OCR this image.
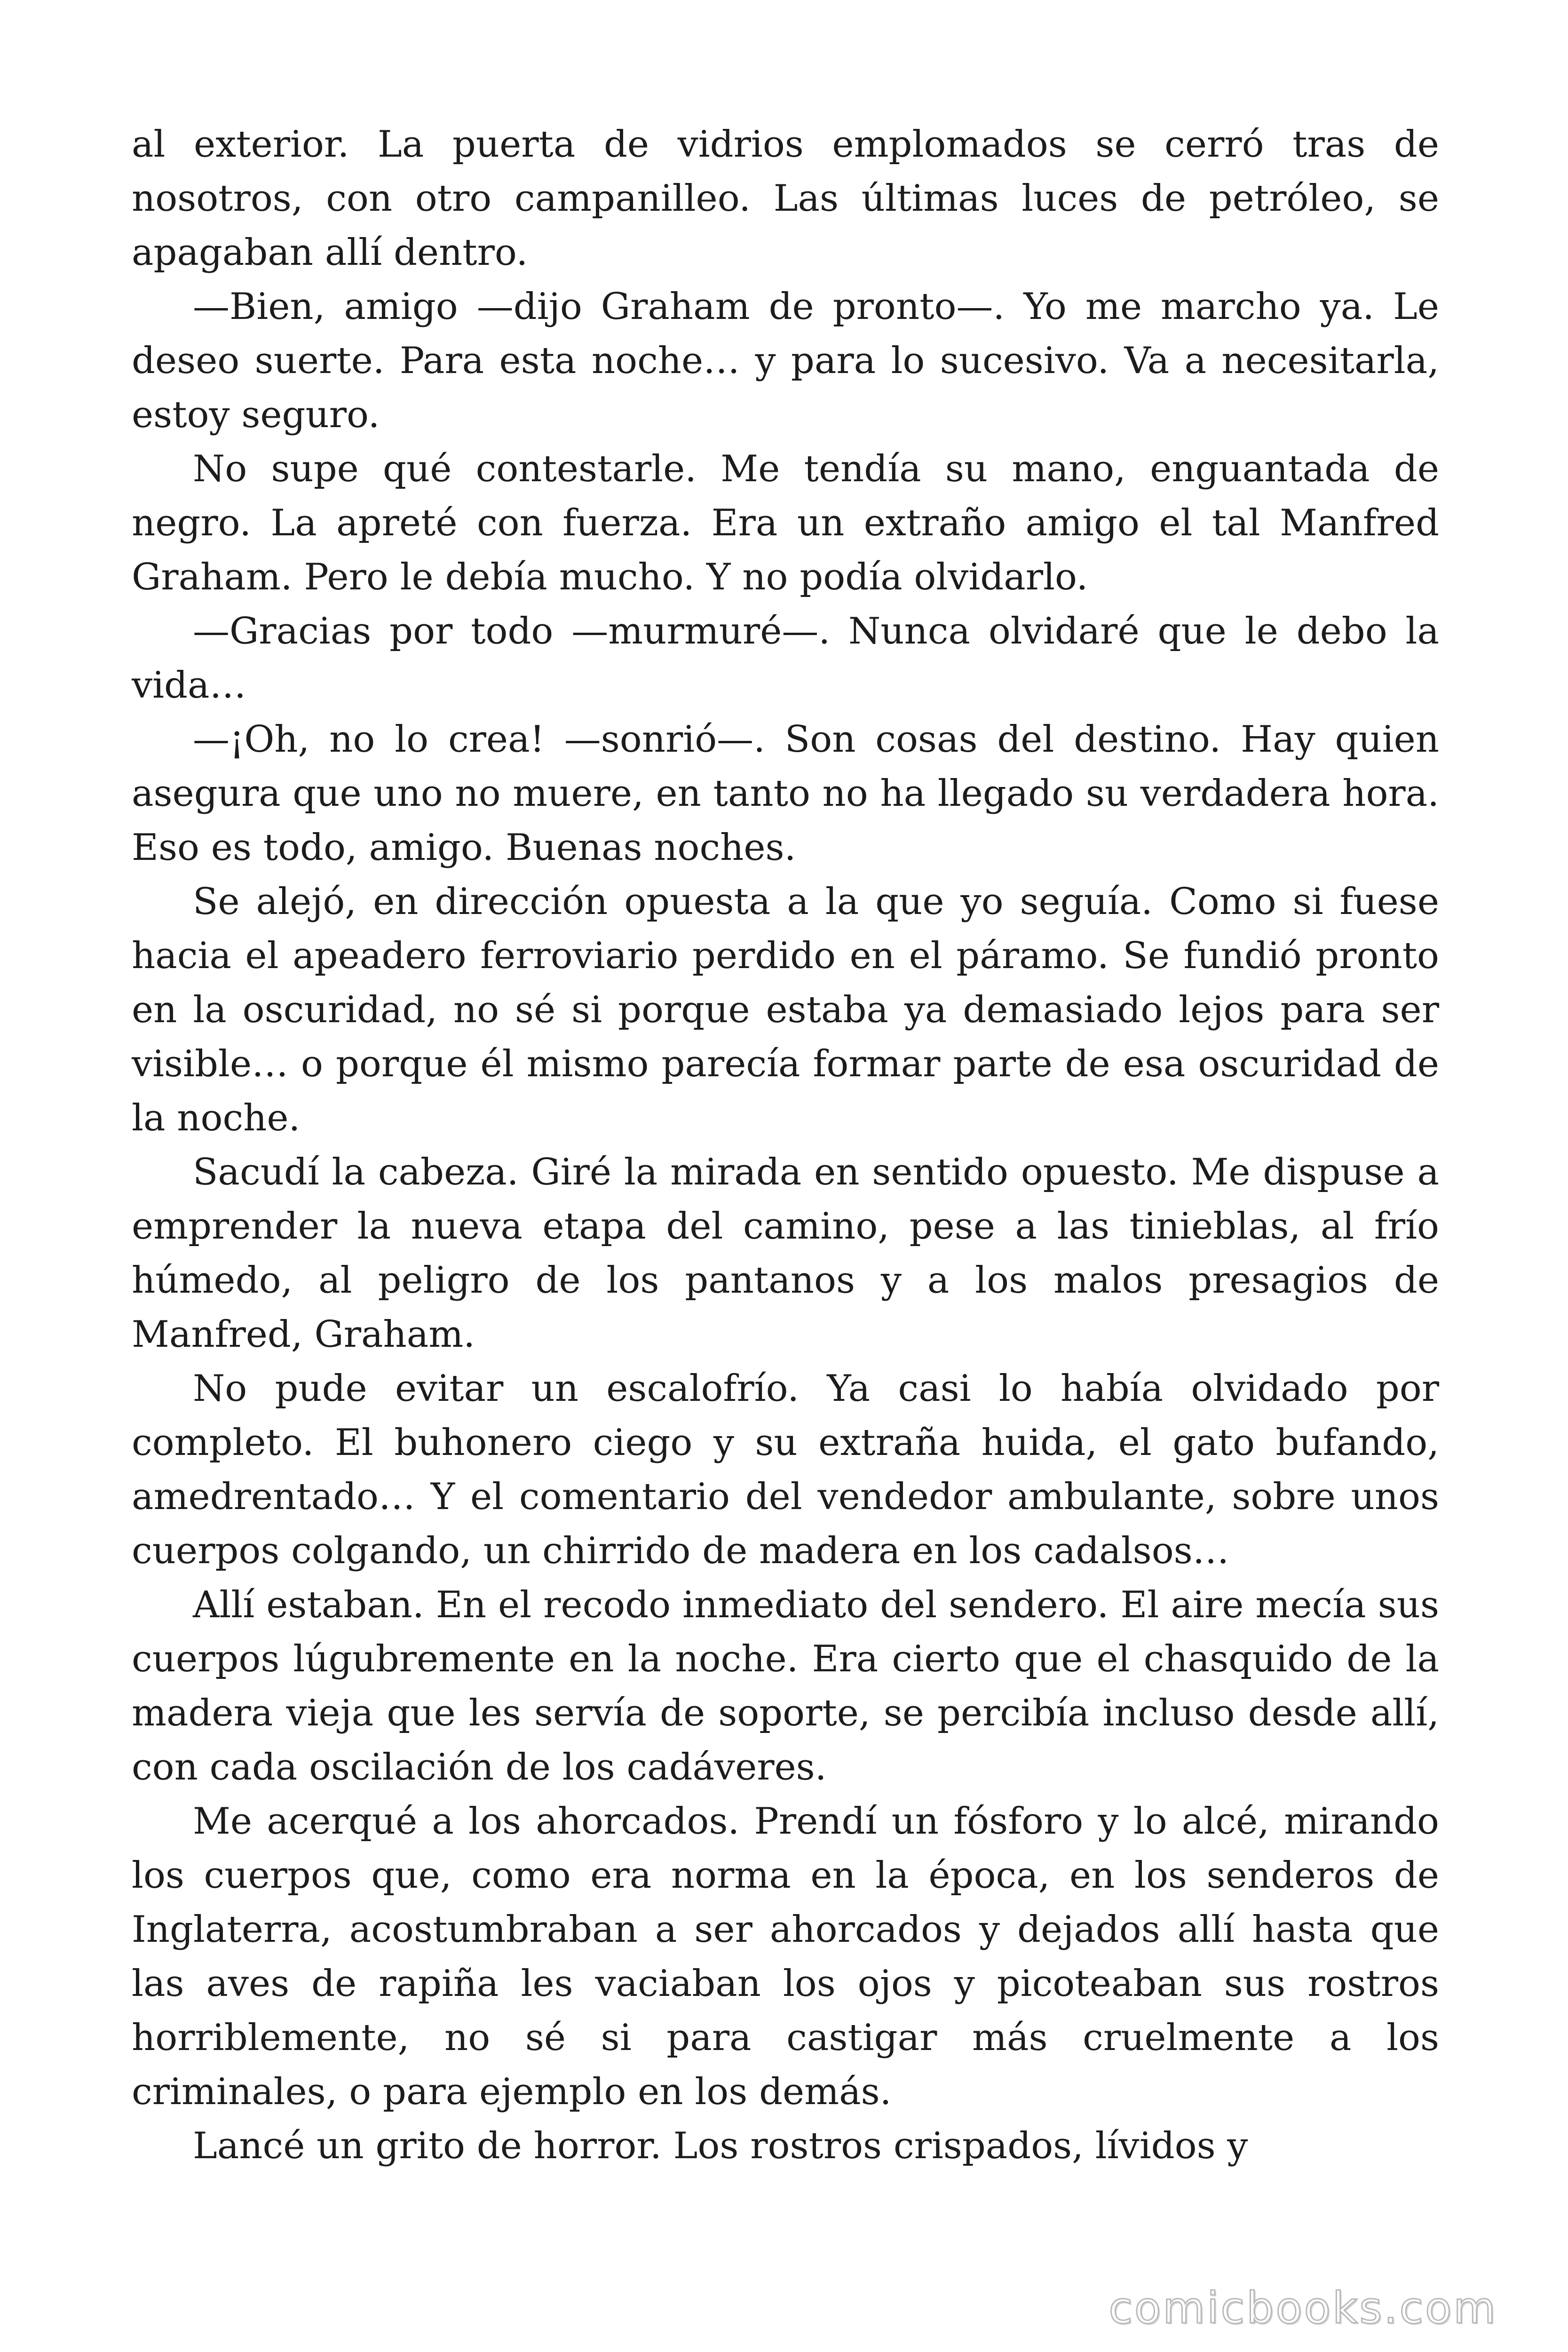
al exterior. La puerta de vidrios emplomados se cerró tras de nosotros, con otro campanilleo. Las últimas luces de petróleo, se apagaban allí dentro.

—Bien, amigo —dijo Graham de pronto—. Yo me marcho ya. Le deseo suerte. Para esta noche… y para lo sucesivo. Va a necesitarla, estoy seguro.

No supe qué contestarle. Me tendía su mano, enguantada de negro. La apreté con fuerza. Era un extraño amigo el tal Manfred Graham. Pero le debía mucho. Y no podía olvidarlo.

—Gracias por todo —murmuré—. Nunca olvidaré que le debo la vida…

—¡Oh, no lo crea! —sonrió—. Son cosas del destino. Hay quien asegura que uno no muere, en tanto no ha llegado su verdadera hora. Eso es todo, amigo. Buenas noches.

Se alejó, en dirección opuesta a la que yo seguía. Como si fuese hacia el apeadero ferroviario perdido en el páramo. Se fundió pronto en la oscuridad, no sé si porque estaba ya demasiado lejos para ser visible… o porque él mismo parecía formar parte de esa oscuridad de la noche.

Sacudí la cabeza. Giré la mirada en sentido opuesto. Me dispuse a emprender la nueva etapa del camino, pese a las tinieblas, al frío húmedo, al peligro de los pantanos y a los malos presagios de Manfred, Graham.

No pude evitar un escalofrío. Ya casi lo había olvidado por completo. El buhonero ciego y su extraña huida, el gato bufando, amedrentado… Y el comentario del vendedor ambulante, sobre unos cuerpos colgando, un chirrido de madera en los cadalsos…

Allí estaban. En el recodo inmediato del sendero. El aire mecía sus cuerpos lúgubremente en la noche. Era cierto que el chasquido de la madera vieja que les servía de soporte, se percibía incluso desde allí, con cada oscilación de los cadáveres.

Me acerqué a los ahorcados. Prendí un fósforo y lo alcé, mirando los cuerpos que, como era norma en la época, en los senderos de Inglaterra, acostumbraban a ser ahorcados y dejados allí hasta que las aves de rapiña les vaciaban los ojos y picoteaban sus rostros horriblemente, no sé si para castigar más cruelmente a los criminales, o para ejemplo en los demás.

Lancé un grito de horror. Los rostros crispados, lívidos y

comicbooks.com
